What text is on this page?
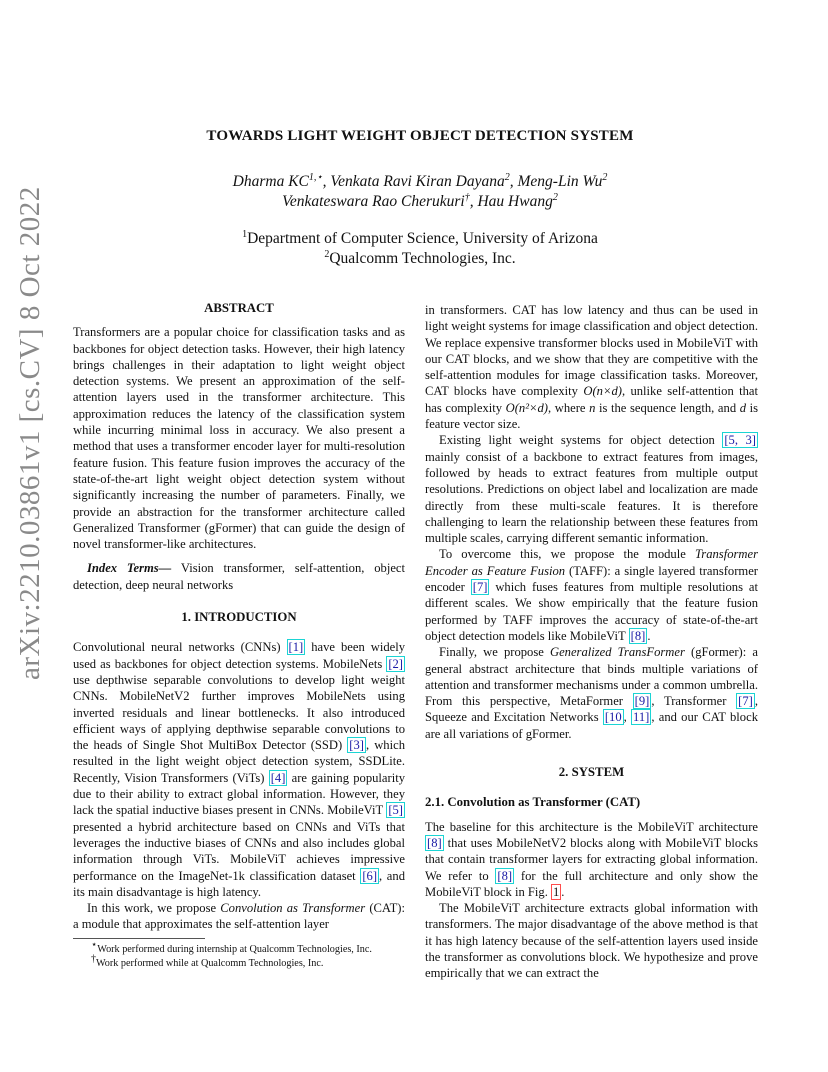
arXiv:2210.03861v1 [cs.CV] 8 Oct 2022
TOWARDS LIGHT WEIGHT OBJECT DETECTION SYSTEM
Dharma $KC^{1,⋆}$, Venkata Ravi Kiran Dayana$^2$, Meng-Lin Wu$^2$
Venkateswara Rao Cherukuri†, Hau Hwang$^2$
$^1$Department of Computer Science, University of Arizona
$^2$Qualcomm Technologies, Inc.
ABSTRACT

Transformers are a popular choice for classification tasks and as backbones for object detection tasks. However, their high latency brings challenges in their adaptation to light weight object detection systems. We present an approximation of the self-attention layers used in the transformer architecture. This approximation reduces the latency of the classification system while incurring minimal loss in accuracy. We also present a method that uses a transformer encoder layer for multi-resolution feature fusion. This feature fusion improves the accuracy of the state-of-the-art light weight object detection system without significantly increasing the number of parameters. Finally, we provide an abstraction for the transformer architecture called Generalized Transformer (gFormer) that can guide the design of novel transformer-like architectures.

Index Terms— Vision transformer, self-attention, object detection, deep neural networks

1. INTRODUCTION

Convolutional neural networks (CNNs) [1] have been widely used as backbones for object detection systems. MobileNets [2] use depthwise separable convolutions to develop light weight CNNs. MobileNetV2 further improves MobileNets using inverted residuals and linear bottlenecks. It also introduced efficient ways of applying depthwise separable convolutions to the heads of Single Shot MultiBox Detector (SSD) [3] , which resulted in the light weight object detection system, SSDLite. Recently, Vision Transformers (ViTs) [4] are gaining popularity due to their ability to extract global information. However, they lack the spatial inductive biases present in CNNs. MobileViT [5] presented a hybrid architecture based on CNNs and ViTs that leverages the inductive biases of CNNs and also includes global information through ViTs. MobileViT achieves impressive performance on the ImageNet-1k classification dataset [6] , and its main disadvantage is high latency.

In this work, we propose Convolution as Transformer (CAT): a module that approximates the self-attention layer

⋆Work performed during internship at Qualcomm Technologies, Inc.
†Work performed while at Qualcomm Technologies, Inc.

in transformers. CAT has low latency and thus can be used in light weight systems for image classification and object detection. We replace expensive transformer blocks used in MobileViT with our CAT blocks, and we show that they are competitive with the self-attention modules for image classification tasks. Moreover, CAT blocks have complexity O(n×d), unlike self-attention that has complexity O(n²×d), where n is the sequence length, and d is feature vector size.

Existing light weight systems for object detection [5, 3] mainly consist of a backbone to extract features from images, followed by heads to extract features from multiple output resolutions. Predictions on object label and localization are made directly from these multi-scale features. It is therefore challenging to learn the relationship between these features from multiple scales, carrying different semantic information.

To overcome this, we propose the module Transformer Encoder as Feature Fusion (TAFF): a single layered transformer encoder [7] which fuses features from multiple resolutions at different scales. We show empirically that the feature fusion performed by TAFF improves the accuracy of state-of-the-art object detection models like MobileViT [8] .

Finally, we propose Generalized TransFormer (gFormer): a general abstract architecture that binds multiple variations of attention and transformer mechanisms under a common umbrella. From this perspective, MetaFormer [9] , Transformer [7] , Squeeze and Excitation Networks [10 , 11] , and our CAT block are all variations of gFormer.

2. SYSTEM
2.1. Convolution as Transformer (CAT)

The baseline for this architecture is the MobileViT architecture [8] that uses MobileNetV2 blocks along with MobileViT blocks that contain transformer layers for extracting global information. We refer to [8] for the full architecture and only show the MobileViT block in Fig. 1 .

The MobileViT architecture extracts global information with transformers. The major disadvantage of the above method is that it has high latency because of the self-attention layers used inside the transformer as convolutions block. We hypothesize and prove empirically that we can extract the
